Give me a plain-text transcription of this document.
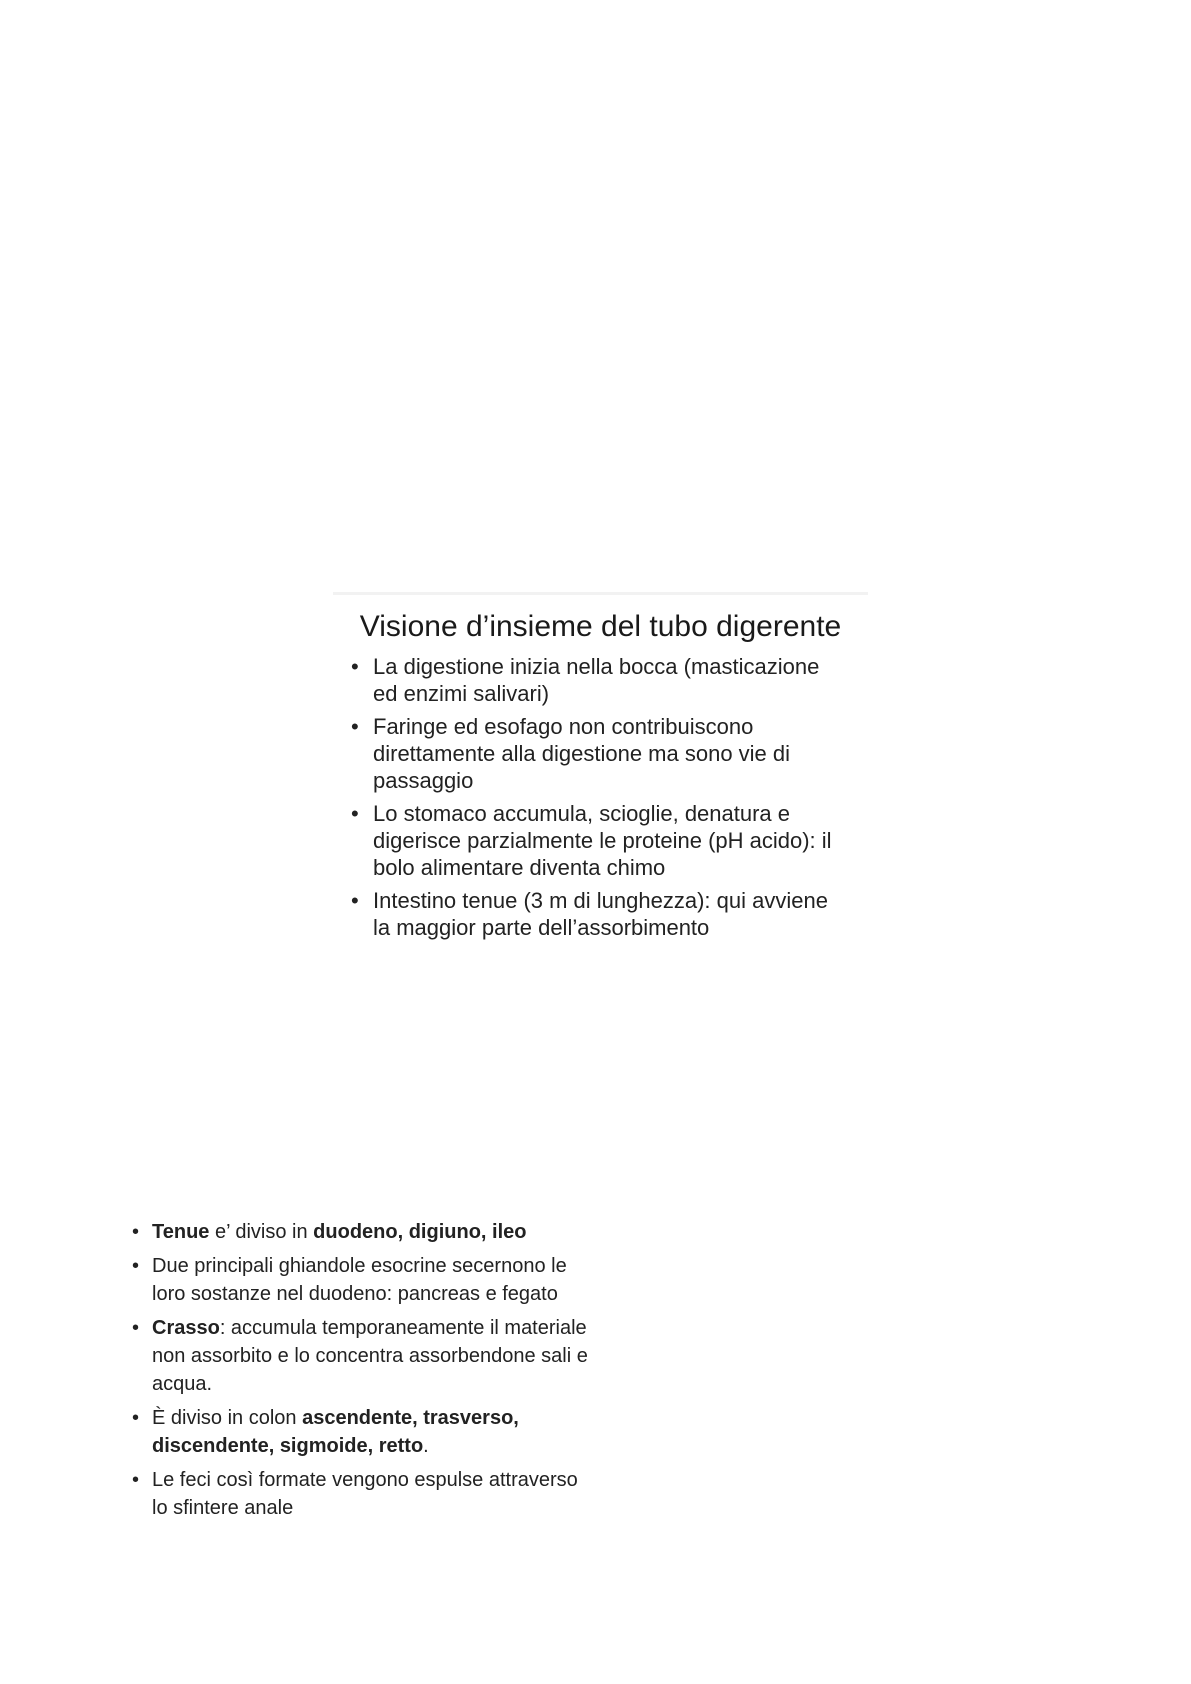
Visione d’insieme del tubo digerente
• La digestione inizia nella bocca (masticazione ed enzimi salivari)
• Faringe ed esofago non contribuiscono direttamente alla digestione ma sono vie di passaggio
• Lo stomaco accumula, scioglie, denatura e digerisce parzialmente le proteine (pH acido): il bolo alimentare diventa chimo
• Intestino tenue (3 m di lunghezza): qui avviene la maggior parte dell’assorbimento
• Tenue e’ diviso in duodeno, digiuno, ileo
• Due principali ghiandole esocrine secernono le loro sostanze nel duodeno: pancreas e fegato
• Crasso: accumula temporaneamente il materiale non assorbito e lo concentra assorbendone sali e acqua.
• È diviso in colon ascendente, trasverso, discendente, sigmoide, retto.
• Le feci così formate vengono espulse attraverso lo sfintere anale
